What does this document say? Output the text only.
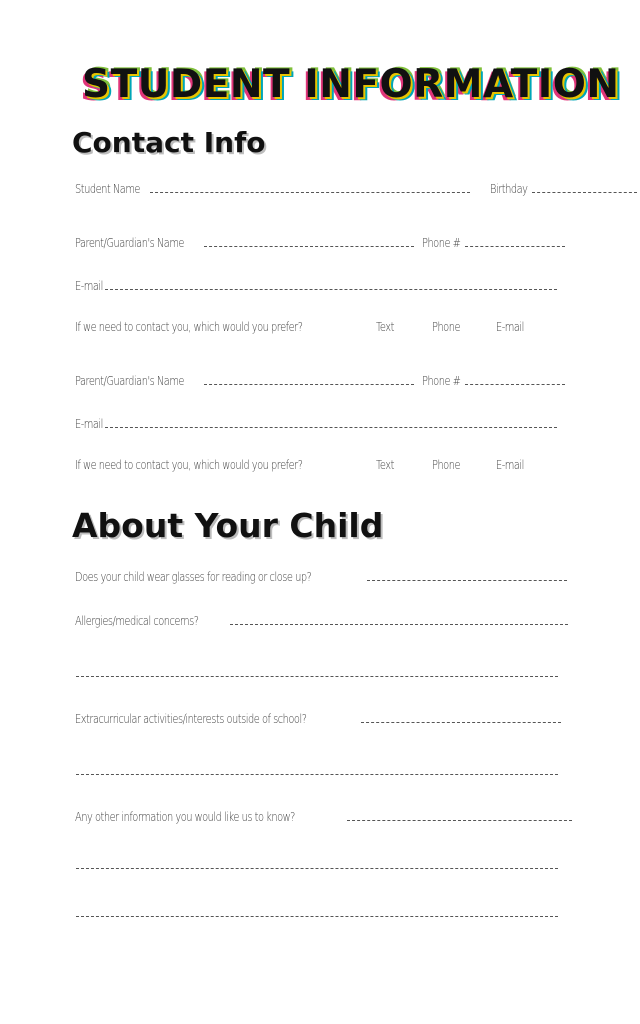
STUDENT INFORMATION
Contact Info
Student Name	Birthday
Parent/Guardian's Name	Phone #
E-mail
If we need to contact you, which would you prefer?	Text	Phone	E-mail
Parent/Guardian's Name	Phone #
E-mail
If we need to contact you, which would you prefer?	Text	Phone	E-mail
About Your Child
Does your child wear glasses for reading or close up?
Allergies/medical concerns?
Extracurricular activities/interests outside of school?
Any other information you would like us to know?
